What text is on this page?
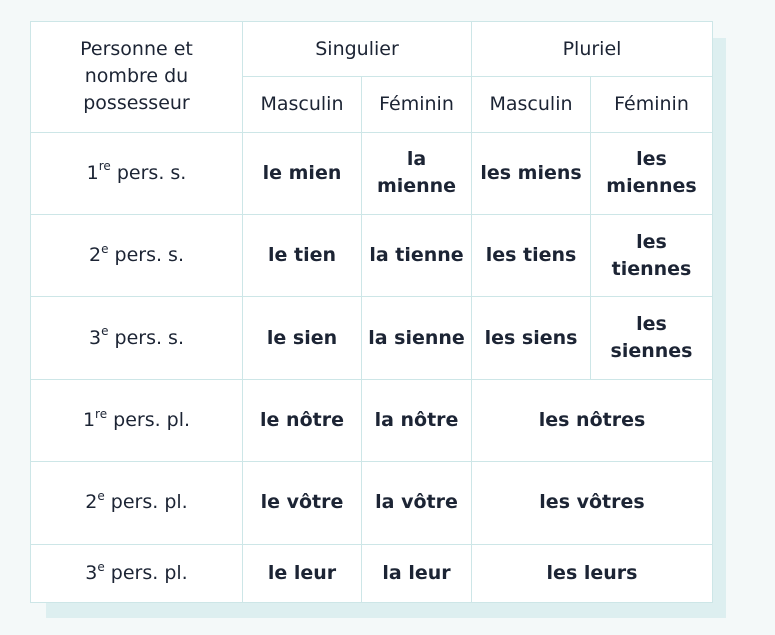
Personne et nombre du possesseur	Singulier		Pluriel	
	Masculin	Féminin	Masculin	Féminin
1re pers. s.	le mien	la mienne	les miens	les miennes
2e pers. s.	le tien	la tienne	les tiens	les tiennes
3e pers. s.	le sien	la sienne	les siens	les siennes
1re pers. pl.	le nôtre	la nôtre	les nôtres	
2e pers. pl.	le vôtre	la vôtre	les vôtres	
3e pers. pl.	le leur	la leur	les leurs	
